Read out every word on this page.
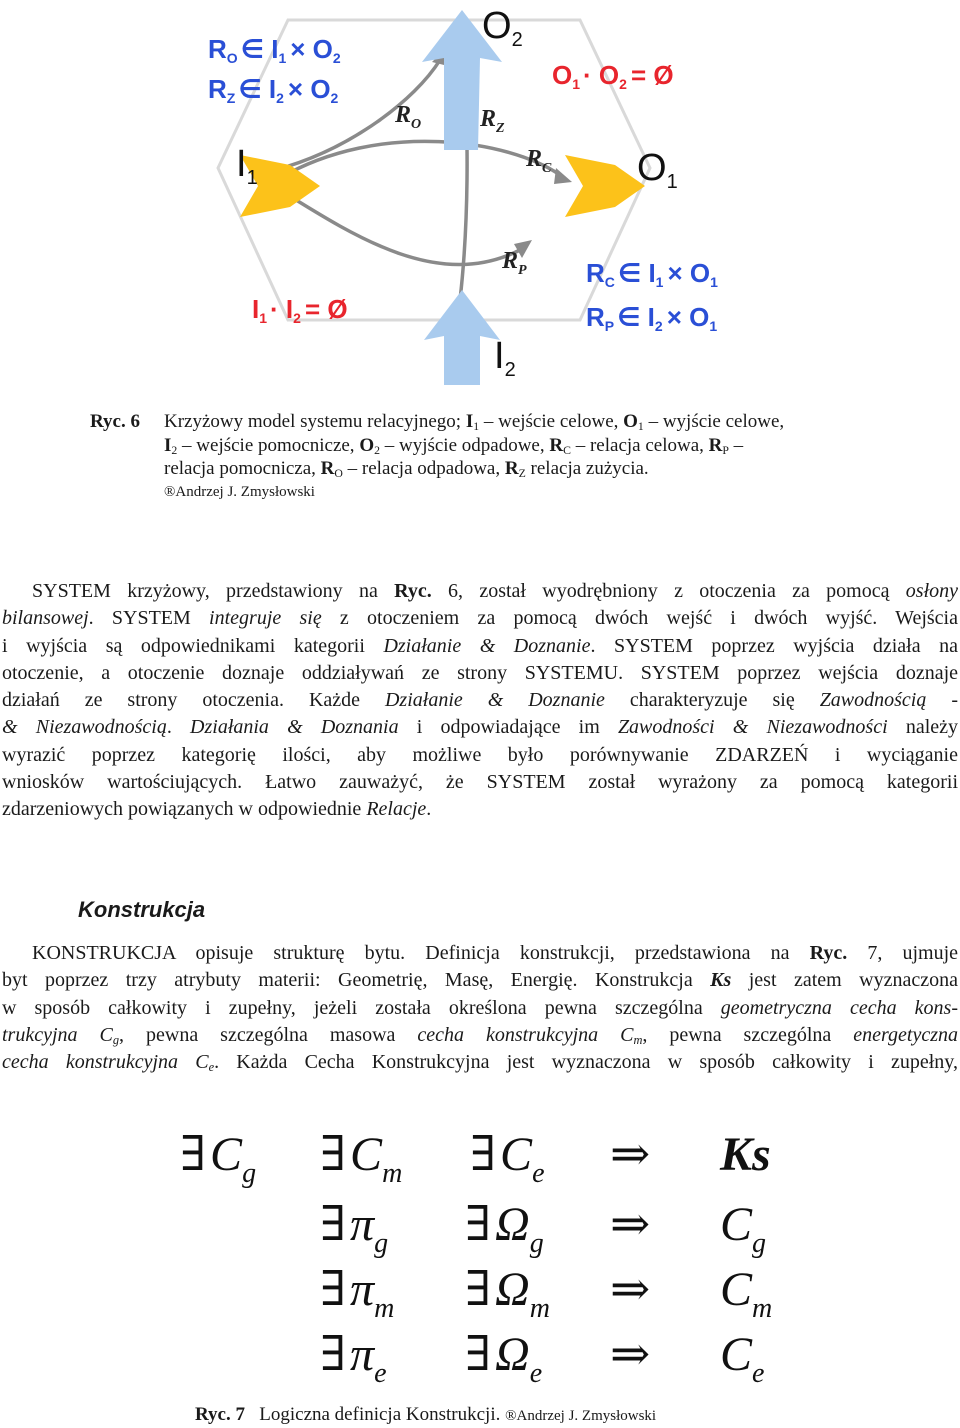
$O_2$
$O_1$
$I_1$
$I_2$
$R_O$ $R_Z$
$R_C$
$R_P$
RO ∈ I1 × O2
RZ ∈ I2 × O2
O1 · O2 = Ø
I1 · I2 = Ø
RC ∈ I1 × O1
RP ∈ I2 × O1
Ryc. 6 Krzyżowy model systemu relacyjnego; $I_1$ – wejście celowe, $O_1$ – wyjście celowe,
$I_2$ – wejście pomocnicze, $O_2$ – wyjście odpadowe, $R_C$ – relacja celowa, $R_P$ –
relacja pomocnicza, $R_O$ – relacja odpadowa, $R_Z$ relacja zużycia.
®Andrzej J. Zmysłowski
SYSTEM krzyżowy, przedstawiony na Ryc. 6, został wyodrębniony z otoczenia za pomocą osłony
bilansowej. SYSTEM integruje się z otoczeniem za pomocą dwóch wejść i dwóch wyjść. Wejścia
i wyjścia są odpowiednikami kategorii Działanie & Doznanie. SYSTEM poprzez wyjścia działa na
otoczenie, a otoczenie doznaje oddziaływań ze strony SYSTEMU. SYSTEM poprzez wejścia doznaje
działań ze strony otoczenia. Każde Działanie & Doznanie charakteryzuje się Zawodnością -
& Niezawodnością. Działania & Doznania i odpowiadające im Zawodności & Niezawodności należy
wyrazić poprzez kategorię ilości, aby możliwe było porównywanie ZDARZEŃ i wyciąganie
wniosków wartościujących. Łatwo zauważyć, że SYSTEM został wyrażony za pomocą kategorii
zdarzeniowych powiązanych w odpowiednie Relacje.
Konstrukcja
KONSTRUKCJA opisuje strukturę bytu. Definicja konstrukcji, przedstawiona na Ryc. 7, ujmuje
byt poprzez trzy atrybuty materii: Geometrię, Masę, Energię. Konstrukcja Ks jest zatem wyznaczona
w sposób całkowity i zupełny, jeżeli została określona pewna szczególna geometryczna cecha kons-
trukcyjna $C_g$, pewna szczególna masowa cecha konstrukcyjna $C_m$, pewna szczególna energetyczna
cecha konstrukcyjna $C_e$. Każda Cecha Konstrukcyjna jest wyznaczona w sposób całkowity i zupełny,
$\exists C_g$ $\exists C_m$ $\exists C_e$ ⇒ Ks
$\exists\pi_g$ $\exists\Omega_g$ ⇒ $C_g$
$\exists\pi_m$ $\exists\Omega_m$ ⇒ $C_m$
$\exists\pi_e$ $\exists\Omega_e$ ⇒ $C_e$
Ryc. 7 Logiczna definicja Konstrukcji. ®Andrzej J. Zmysłowski
